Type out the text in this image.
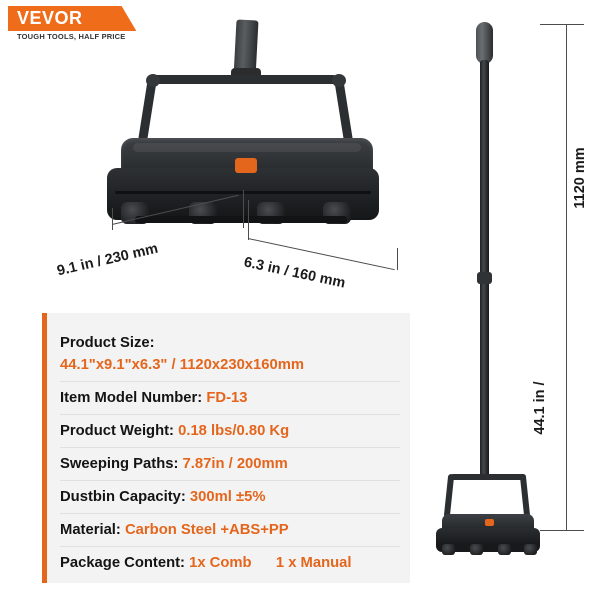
VEVOR
TOUGH TOOLS, HALF PRICE
9.1 in / 230 mm	6.3 in / 160 mm
1120 mm
44.1 in /
Product Size:
44.1"x9.1"x6.3" / 1120x230x160mm
Item Model Number: FD-13
Product Weight: 0.18 lbs/0.80 Kg
Sweeping Paths: 7.87in / 200mm
Dustbin Capacity: 300ml ±5%
Material: Carbon Steel +ABS+PP
Package Content: 1x Comb 1 x Manual
